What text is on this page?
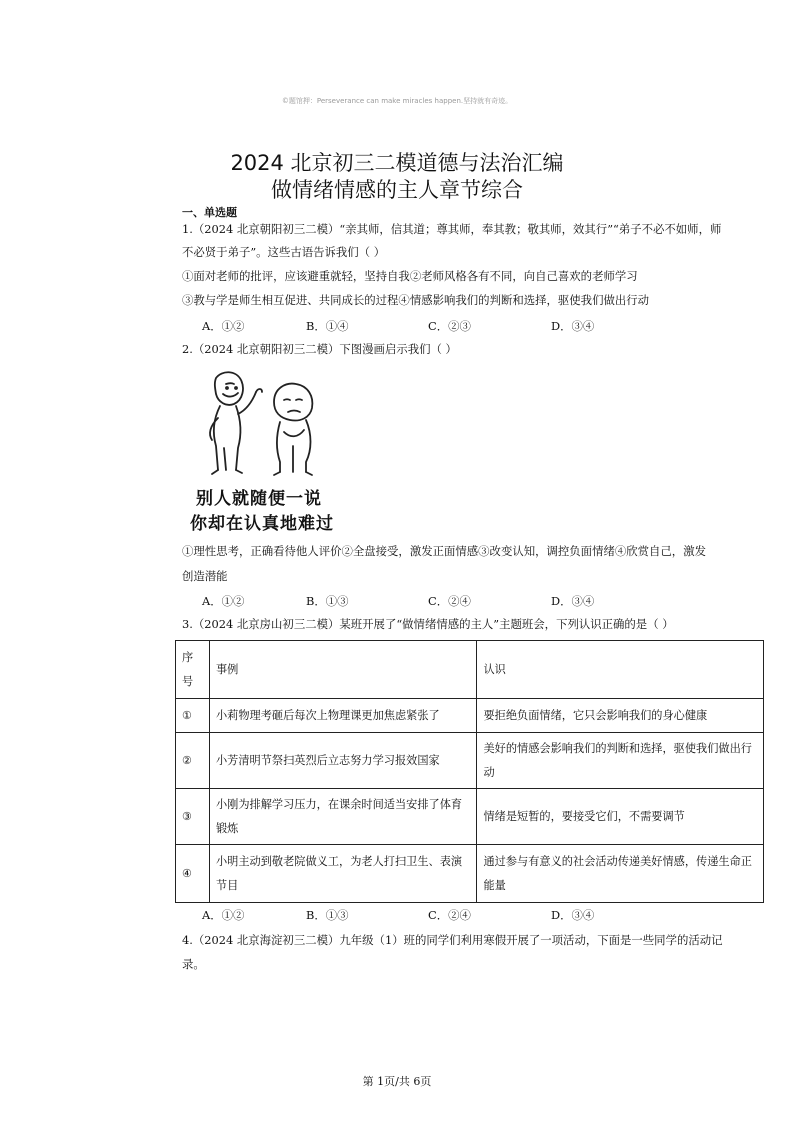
©题馆押：Perseverance can make miracles happen.坚持就有奇迹。
2024 北京初三二模道德与法治汇编
做情绪情感的主人章节综合
一、单选题
1.（2024 北京朝阳初三二模）“亲其师，信其道；尊其师，奉其教；敬其师，效其行”“弟子不必不如师，师
不必贤于弟子”。这些古语告诉我们（ ）
①面对老师的批评，应该避重就轻，坚持自我②老师风格各有不同，向自己喜欢的老师学习
③教与学是师生相互促进、共同成长的过程④情感影响我们的判断和选择，驱使我们做出行动
A．①②	B．①④	C．②③	D．③④
2.（2024 北京朝阳初三二模）下图漫画启示我们（ ）
别人就随便一说
你却在认真地难过
①理性思考，正确看待他人评价②全盘接受，激发正面情感③改变认知，调控负面情绪④欣赏自己，激发
创造潜能
A．①②	B．①③	C．②④	D．③④
3.（2024 北京房山初三二模）某班开展了“做情绪情感的主人”主题班会，下列认识正确的是（ ）
序号	事例	认识
①	小莉物理考砸后每次上物理课更加焦虑紧张了	要拒绝负面情绪，它只会影响我们的身心健康
②	小芳清明节祭扫英烈后立志努力学习报效国家	美好的情感会影响我们的判断和选择，驱使我们做出行动
③	小刚为排解学习压力，在课余时间适当安排了体育锻炼	情绪是短暂的，要接受它们，不需要调节
④	小明主动到敬老院做义工，为老人打扫卫生、表演节目	通过参与有意义的社会活动传递美好情感，传递生命正能量
A．①②	B．①③	C．②④	D．③④
4.（2024 北京海淀初三二模）九年级（1）班的同学们利用寒假开展了一项活动，下面是一些同学的活动记
录。
第 1页/共 6页
